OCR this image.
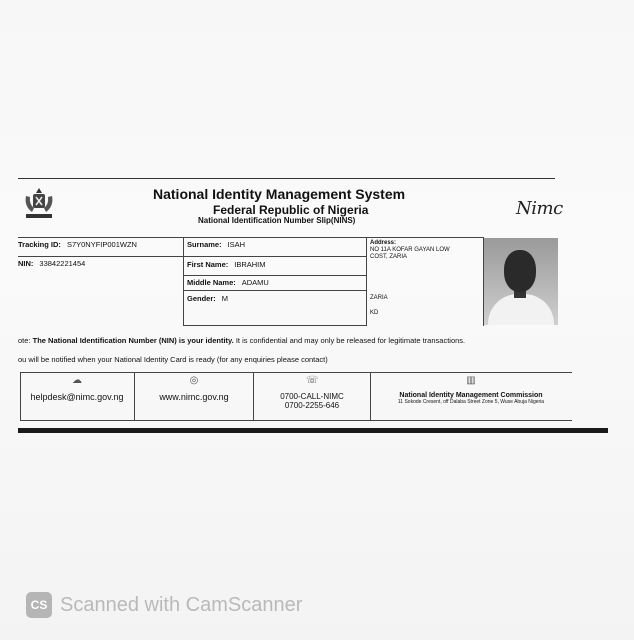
National Identity Management System
Federal Republic of Nigeria
National Identification Number Slip(NINS)
Nimc
Tracking ID: S7Y0NYFIP001WZN
NIN: 33842221454
Surname: ISAH
First Name: IBRAHIM
Middle Name: ADAMU
Gender: M
Address:
NO 11A KOFAR GAYAN LOW
COST, ZARIA
ZARIA
KD
ote: The National Identification Number (NIN) is your identity. It is confidential and may only be released for legitimate transactions.
ou will be notified when your National Identity Card is ready (for any enquiries please contact)
☁
helpdesk@nimc.gov.ng
◎
www.nimc.gov.ng
☏
0700-CALL-NIMC
0700-2255-646
▥
National Identity Management Commission
11 Sokode Cresent, off Dalaba Street Zone 5, Wuse Abuja Nigeria
CS Scanned with CamScanner
